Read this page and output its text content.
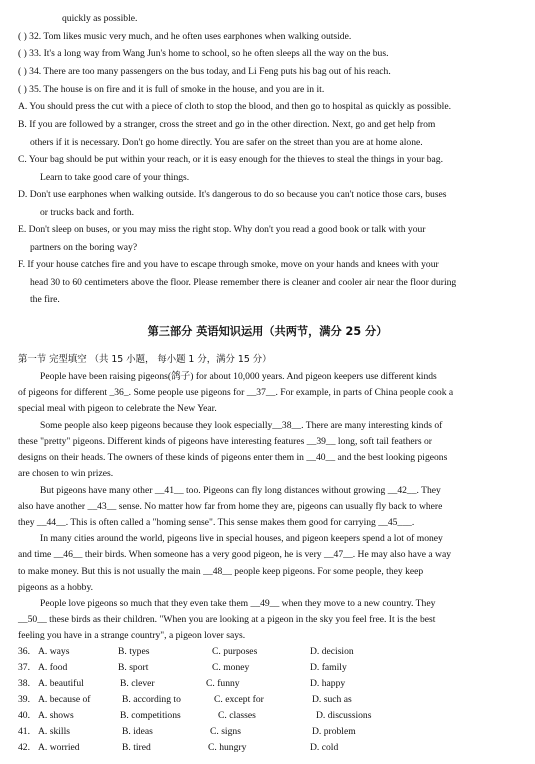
quickly as possible.
( ) 32. Tom likes music very much, and he often uses earphones when walking outside.
( ) 33. It's a long way from Wang Jun's home to school, so he often sleeps all the way on the bus.
( ) 34. There are too many passengers on the bus today, and Li Feng puts his bag out of his reach.
( ) 35. The house is on fire and it is full of smoke in the house, and you are in it.
A. You should press the cut with a piece of cloth to stop the blood, and then go to hospital as quickly as possible.
B. If you are followed by a stranger, cross the street and go in the other direction. Next, go and get help from
others if it is necessary. Don't go home directly. You are safer on the street than you are at home alone.
C. Your bag should be put within your reach, or it is easy enough for the thieves to steal the things in your bag.
Learn to take good care of your things.
D. Don't use earphones when walking outside. It's dangerous to do so because you can't notice those cars, buses
or trucks back and forth.
E. Don't sleep on buses, or you may miss the right stop. Why don't you read a good book or talk with your
partners on the boring way?
F. If your house catches fire and you have to escape through smoke, move on your hands and knees with your
head 30 to 60 centimeters above the floor. Please remember there is cleaner and cooler air near the floor during
the fire.
第三部分 英语知识运用（共两节，满分 25 分）
第一节 完型填空 （共 15 小题， 每小题 1 分，满分 15 分）
People have been raising pigeons(鸽子) for about 10,000 years. And pigeon keepers use different kinds
of pigeons for different _36_. Some people use pigeons for __37__. For example, in parts of China people cook a
special meal with pigeon to celebrate the New Year.
Some people also keep pigeons because they look especially__38__. There are many interesting kinds of
these "pretty" pigeons. Different kinds of pigeons have interesting features __39__ long, soft tail feathers or
designs on their heads. The owners of these kinds of pigeons enter them in __40__ and the best looking pigeons
are chosen to win prizes.
But pigeons have many other __41__ too. Pigeons can fly long distances without growing __42__. They
also have another __43__ sense. No matter how far from home they are, pigeons can usually fly back to where
they __44__. This is often called a "homing sense". This sense makes them good for carrying __45___.
In many cities around the world, pigeons live in special houses, and pigeon keepers spend a lot of money
and time __46__ their birds. When someone has a very good pigeon, he is very __47__. He may also have a way
to make money. But this is not usually the main __48__ people keep pigeons. For some people, they keep
pigeons as a hobby.
People love pigeons so much that they even take them __49__ when they move to a new country. They
__50__ these birds as their children. "When you are looking at a pigeon in the sky you feel free. It is the best
feeling you have in a strange country", a pigeon lover says.
36. A. ways	B. types	C. purposes	D. decision
37. A. food	B. sport	C. money	D. family
38. A. beautiful	B. clever	C. funny	D. happy
39. A. because of	B. according to	C. except for	D. such as
40. A. shows	B. competitions	C. classes	D. discussions
41. A. skills	B. ideas	C. signs	D. problem
42. A. worried	B. tired	C. hungry	D. cold
